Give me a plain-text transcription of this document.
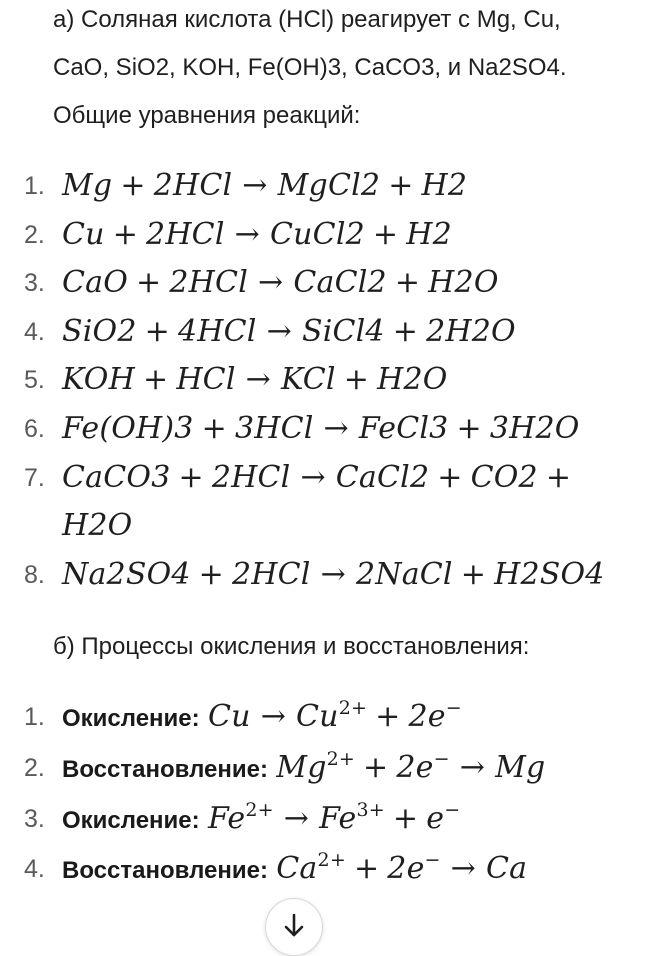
а) Соляная кислота (HCl) реагирует с Mg, Cu,
CaO, SiO2, KOH, Fe(OH)3, CaCO3, и Na2SO4.
Общие уравнения реакций:
1. Mg + 2HCl → MgCl2 + H2
2. Cu + 2HCl → CuCl2 + H2
3. CaO + 2HCl → CaCl2 + H2O
4. SiO2 + 4HCl → SiCl4 + 2H2O
5. KOH + HCl → KCl + H2O
6. Fe(OH)3 + 3HCl → FeCl3 + 3H2O
7. CaCO3 + 2HCl → CaCl2 + CO2 +
H2O
8. Na2SO4 + 2HCl → 2NaCl + H2SO4
б) Процессы окисления и восстановления:
1. Окисление: $Cu \to Cu^{2+} + 2e^-$
2. Восстановление: $Mg^{2+} + 2e^- \to Mg$
3. Окисление: $Fe^{2+} \to Fe^{3+} + e^-$
4. Восстановление: $Ca^{2+} + 2e^- \to Ca$
